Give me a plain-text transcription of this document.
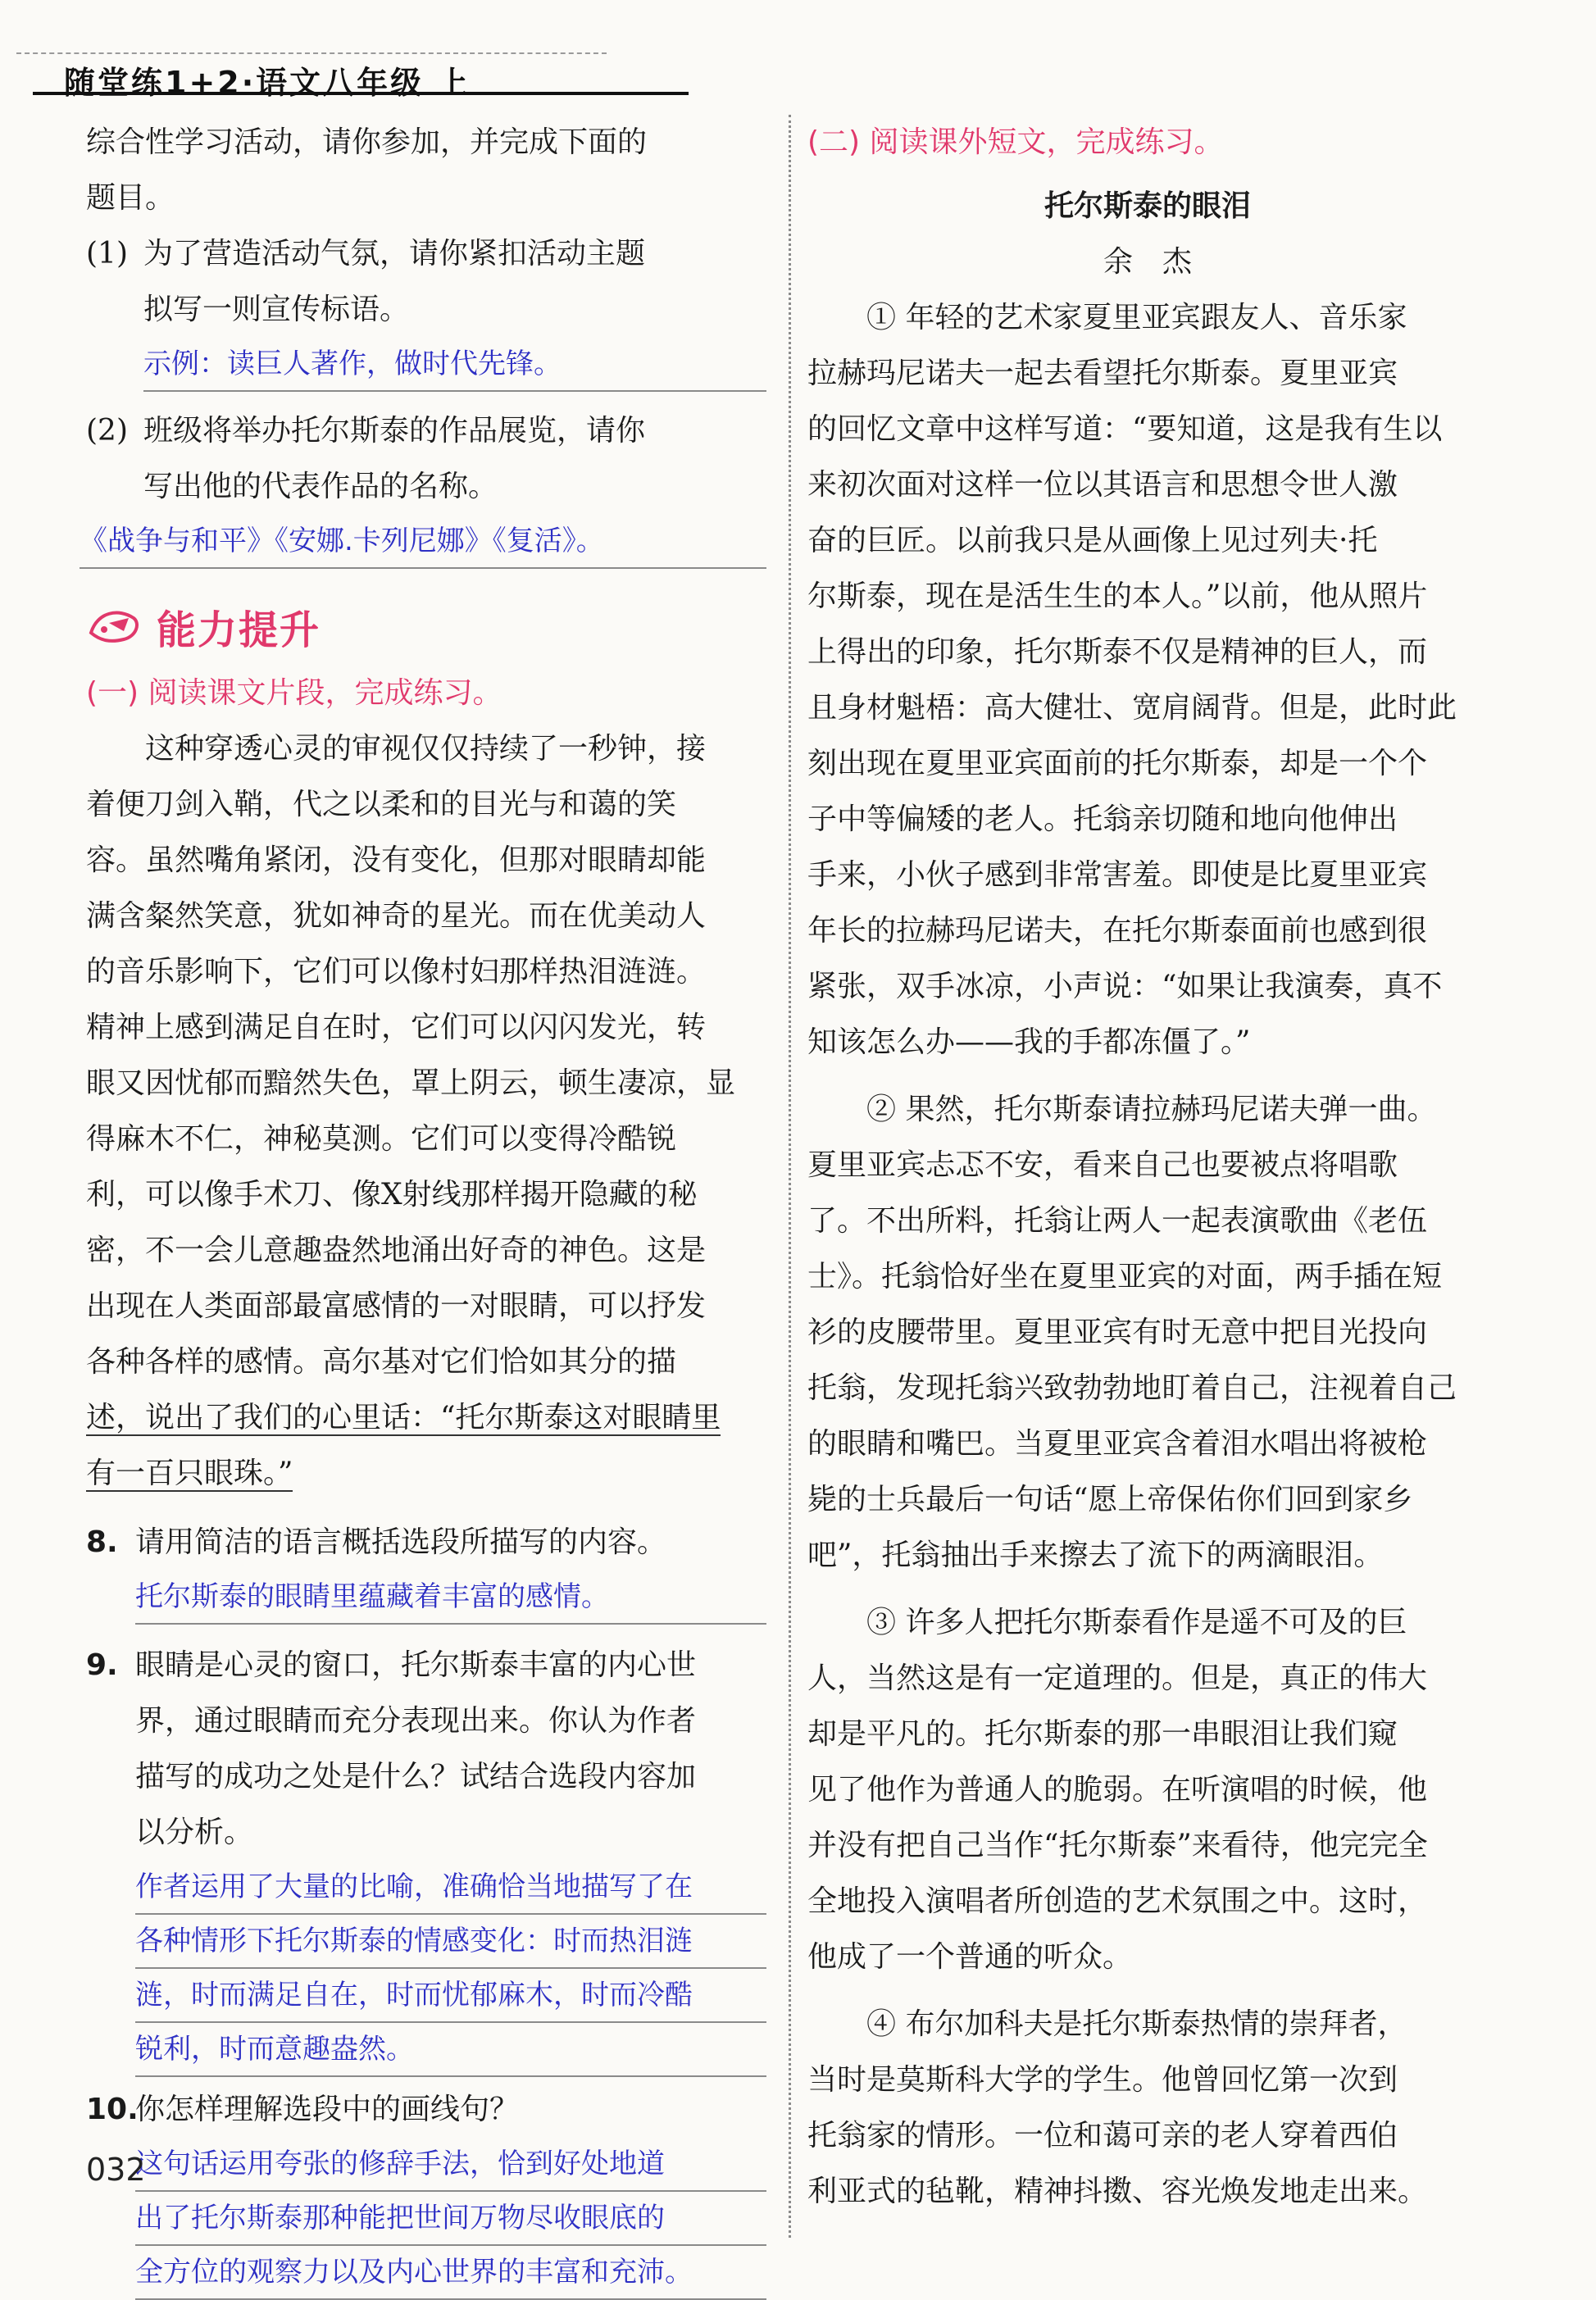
随堂练1+2·语文八年级 上

综合性学习活动，请你参加，并完成下面的

题目。

(1) 为了营造活动气氛，请你紧扣活动主题

拟写一则宣传标语。

示例：读巨人著作，做时代先锋。

(2) 班级将举办托尔斯泰的作品展览，请你

写出他的代表作品的名称。

《战争与和平》《安娜.卡列尼娜》《复活》。

能力提升

(一) 阅读课文片段，完成练习。

这种穿透心灵的审视仅仅持续了一秒钟，接

着便刀剑入鞘，代之以柔和的目光与和蔼的笑

容。虽然嘴角紧闭，没有变化，但那对眼睛却能

满含粲然笑意，犹如神奇的星光。而在优美动人

的音乐影响下，它们可以像村妇那样热泪涟涟。

精神上感到满足自在时，它们可以闪闪发光，转

眼又因忧郁而黯然失色，罩上阴云，顿生凄凉，显

得麻木不仁，神秘莫测。它们可以变得冷酷锐

利，可以像手术刀、像X射线那样揭开隐藏的秘

密，不一会儿意趣盎然地涌出好奇的神色。这是

出现在人类面部最富感情的一对眼睛，可以抒发

各种各样的感情。高尔基对它们恰如其分的描

述，说出了我们的心里话：“托尔斯泰这对眼睛里

有一百只眼珠。”

8. 请用简洁的语言概括选段所描写的内容。

托尔斯泰的眼睛里蕴藏着丰富的感情。

9. 眼睛是心灵的窗口，托尔斯泰丰富的内心世

界，通过眼睛而充分表现出来。你认为作者

描写的成功之处是什么？试结合选段内容加

以分析。

作者运用了大量的比喻，准确恰当地描写了在

各种情形下托尔斯泰的情感变化：时而热泪涟

涟，时而满足自在，时而忧郁麻木，时而冷酷

锐利，时而意趣盎然。

10.

你怎样理解选段中的画线句？

这句话运用夸张的修辞手法，恰到好处地道

出了托尔斯泰那种能把世间万物尽收眼底的

全方位的观察力以及内心世界的丰富和充沛。

(二) 阅读课外短文，完成练习。

托尔斯泰的眼泪

余　杰

① 年轻的艺术家夏里亚宾跟友人、音乐家

拉赫玛尼诺夫一起去看望托尔斯泰。夏里亚宾

的回忆文章中这样写道：“要知道，这是我有生以

来初次面对这样一位以其语言和思想令世人激

奋的巨匠。以前我只是从画像上见过列夫·托

尔斯泰，现在是活生生的本人。”以前，他从照片

上得出的印象，托尔斯泰不仅是精神的巨人，而

且身材魁梧：高大健壮、宽肩阔背。但是，此时此

刻出现在夏里亚宾面前的托尔斯泰，却是一个个

子中等偏矮的老人。托翁亲切随和地向他伸出

手来，小伙子感到非常害羞。即使是比夏里亚宾

年长的拉赫玛尼诺夫，在托尔斯泰面前也感到很

紧张，双手冰凉，小声说：“如果让我演奏，真不

知该怎么办——我的手都冻僵了。”

② 果然，托尔斯泰请拉赫玛尼诺夫弹一曲。

夏里亚宾忐忑不安，看来自己也要被点将唱歌

了。不出所料，托翁让两人一起表演歌曲《老伍

士》。托翁恰好坐在夏里亚宾的对面，两手插在短

衫的皮腰带里。夏里亚宾有时无意中把目光投向

托翁，发现托翁兴致勃勃地盯着自己，注视着自己

的眼睛和嘴巴。当夏里亚宾含着泪水唱出将被枪

毙的士兵最后一句话“愿上帝保佑你们回到家乡

吧”，托翁抽出手来擦去了流下的两滴眼泪。

③ 许多人把托尔斯泰看作是遥不可及的巨

人，当然这是有一定道理的。但是，真正的伟大

却是平凡的。托尔斯泰的那一串眼泪让我们窥

见了他作为普通人的脆弱。在听演唱的时候，他

并没有把自己当作“托尔斯泰”来看待，他完完全

全地投入演唱者所创造的艺术氛围之中。这时，

他成了一个普通的听众。

④ 布尔加科夫是托尔斯泰热情的崇拜者，

当时是莫斯科大学的学生。他曾回忆第一次到

托翁家的情形。一位和蔼可亲的老人穿着西伯

利亚式的毡靴，精神抖擞、容光焕发地走出来。

032
